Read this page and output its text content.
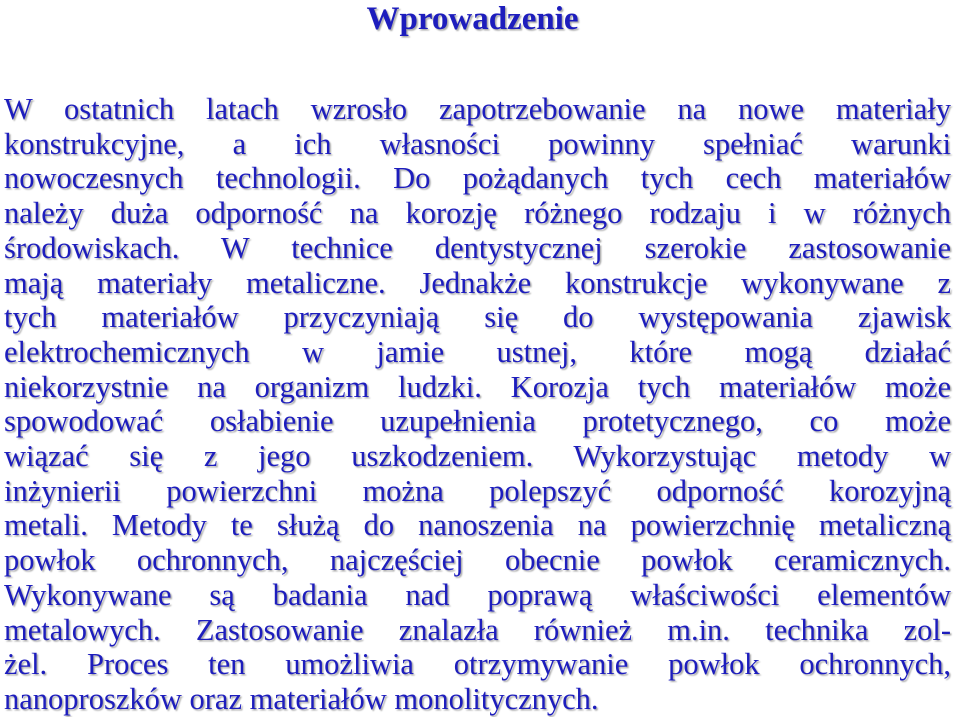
Wprowadzenie
W ostatnich latach wzrosło zapotrzebowanie na nowe materiały
konstrukcyjne, a ich własności powinny spełniać warunki
nowoczesnych technologii. Do pożądanych tych cech materiałów
należy duża odporność na korozję różnego rodzaju i w różnych
środowiskach. W technice dentystycznej szerokie zastosowanie
mają materiały metaliczne. Jednakże konstrukcje wykonywane z
tych materiałów przyczyniają się do występowania zjawisk
elektrochemicznych w jamie ustnej, które mogą działać
niekorzystnie na organizm ludzki. Korozja tych materiałów może
spowodować osłabienie uzupełnienia protetycznego, co może
wiązać się z jego uszkodzeniem. Wykorzystując metody w
inżynierii powierzchni można polepszyć odporność korozyjną
metali. Metody te służą do nanoszenia na powierzchnię metaliczną
powłok ochronnych, najczęściej obecnie powłok ceramicznych.
Wykonywane są badania nad poprawą właściwości elementów
metalowych. Zastosowanie znalazła również m.in. technika zol-
żel. Proces ten umożliwia otrzymywanie powłok ochronnych,
nanoproszków oraz materiałów monolitycznych.
